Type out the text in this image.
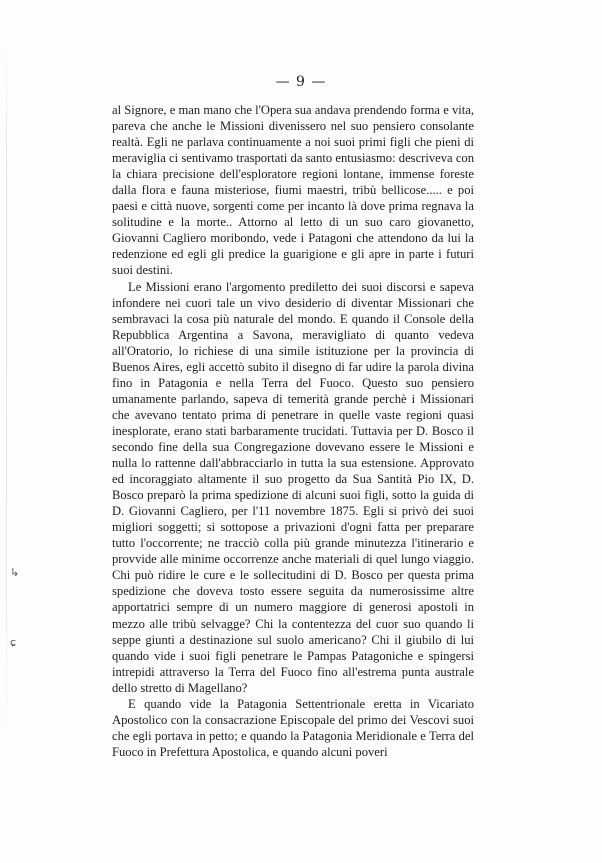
— 9 —

al Signore, e man mano che l'Opera sua andava prendendo forma e vita, pareva che anche le Missioni divenissero nel suo pensiero consolante realtà. Egli ne parlava continuamente a noi suoi primi figli che pieni di meraviglia ci sentivamo trasportati da santo entusiasmo: descriveva con la chiara precisione dell'esploratore regioni lontane, immense foreste dalla flora e fauna misteriose, fiumi maestri, tribù bellicose..... e poi paesi e città nuove, sorgenti come per incanto là dove prima regnava la solitudine e la morte.. Attorno al letto di un suo caro giovanetto, Giovanni Cagliero moribondo, vede i Patagoni che attendono da lui la redenzione ed egli gli predice la guarigione e gli apre in parte i futuri suoi destini.

Le Missioni erano l'argomento prediletto dei suoi discorsi e sapeva infondere nei cuori tale un vivo desiderio di diventar Missionari che sembravaci la cosa più naturale del mondo. E quando il Console della Repubblica Argentina a Savona, meravigliato di quanto vedeva all'Oratorio, lo richiese di una simile istituzione per la provincia di Buenos Aires, egli accettò subito il disegno di far udire la parola divina fino in Patagonia e nella Terra del Fuoco. Questo suo pensiero umanamente parlando, sapeva di temerità grande perchè i Missionari che avevano tentato prima di penetrare in quelle vaste regioni quasi inesplorate, erano stati barbaramente trucidati. Tuttavia per D. Bosco il secondo fine della sua Congregazione dovevano essere le Missioni e nulla lo rattenne dall'abbracciarlo in tutta la sua estensione. Approvato ed incoraggiato altamente il suo progetto da Sua Santità Pio IX, D. Bosco preparò la prima spedizione di alcuni suoi figli, sotto la guida di D. Giovanni Cagliero, per l'11 novembre 1875. Egli si privò dei suoi migliori soggetti; si sottopose a privazioni d'ogni fatta per preparare tutto l'occorrente; ne tracciò colla più grande minutezza l'itinerario e provvide alle minime occorrenze anche materiali di quel lungo viaggio. Chi può ridire le cure e le sollecitudini di D. Bosco per questa prima spedizione che doveva tosto essere seguita da numerosissime altre apportatrici sempre di un numero maggiore di generosi apostoli in mezzo alle tribù selvagge? Chi la contentezza del cuor suo quando li seppe giunti a destinazione sul suolo americano? Chi il giubilo di lui quando vide i suoi figli penetrare le Pampas Patagoniche e spingersi intrepidi attraverso la Terra del Fuoco fino all'estrema punta australe dello stretto di Magellano?

E quando vide la Patagonia Settentrionale eretta in Vicariato Apostolico con la consacrazione Episcopale del primo dei Vescovi suoi che egli portava in petto; e quando la Patagonia Meridionale e Terra del Fuoco in Prefettura Apostolica, e quando alcuni poveri

↳
ɕ
